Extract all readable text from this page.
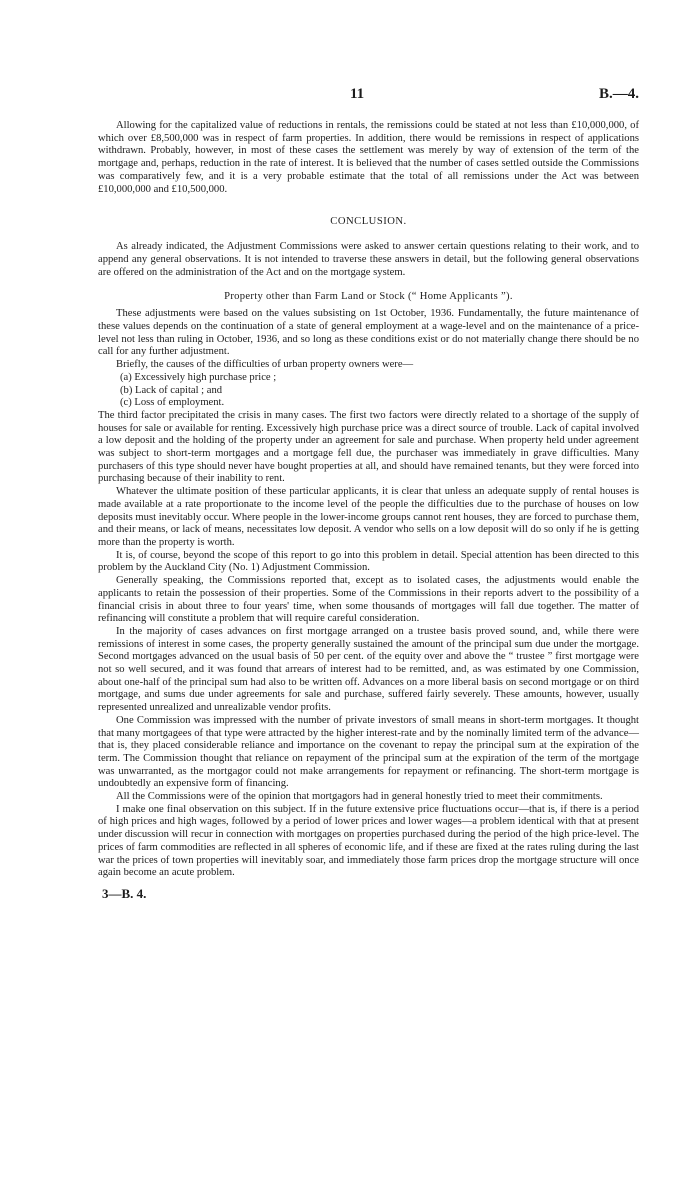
11	B.—4.

Allowing for the capitalized value of reductions in rentals, the remissions could be stated at not less than £10,000,000, of which over £8,500,000 was in respect of farm properties. In addition, there would be remissions in respect of applications withdrawn. Probably, however, in most of these cases the settlement was merely by way of extension of the term of the mortgage and, perhaps, reduction in the rate of interest. It is believed that the number of cases settled outside the Commissions was comparatively few, and it is a very probable estimate that the total of all remissions under the Act was between £10,000,000 and £10,500,000.

CONCLUSION.

As already indicated, the Adjustment Commissions were asked to answer certain questions relating to their work, and to append any general observations. It is not intended to traverse these answers in detail, but the following general observations are offered on the administration of the Act and on the mortgage system.

Property other than Farm Land or Stock (“ Home Applicants ”).

These adjustments were based on the values subsisting on 1st October, 1936. Fundamentally, the future maintenance of these values depends on the continuation of a state of general employment at a wage-level and on the maintenance of a price-level not less than ruling in October, 1936, and so long as these conditions exist or do not materially change there should be no call for any further adjustment.

Briefly, the causes of the difficulties of urban property owners were—

(a) Excessively high purchase price ;
(b) Lack of capital ; and
(c) Loss of employment.

The third factor precipitated the crisis in many cases. The first two factors were directly related to a shortage of the supply of houses for sale or available for renting. Excessively high purchase price was a direct source of trouble. Lack of capital involved a low deposit and the holding of the property under an agreement for sale and purchase. When property held under agreement was subject to short-term mortgages and a mortgage fell due, the purchaser was immediately in grave difficulties. Many purchasers of this type should never have bought properties at all, and should have remained tenants, but they were forced into purchasing because of their inability to rent.

Whatever the ultimate position of these particular applicants, it is clear that unless an adequate supply of rental houses is made available at a rate proportionate to the income level of the people the difficulties due to the purchase of houses on low deposits must inevitably occur. Where people in the lower-income groups cannot rent houses, they are forced to purchase them, and their means, or lack of means, necessitates low deposit. A vendor who sells on a low deposit will do so only if he is getting more than the property is worth.

It is, of course, beyond the scope of this report to go into this problem in detail. Special attention has been directed to this problem by the Auckland City (No. 1) Adjustment Commission.

Generally speaking, the Commissions reported that, except as to isolated cases, the adjustments would enable the applicants to retain the possession of their properties. Some of the Commissions in their reports advert to the possibility of a financial crisis in about three to four years' time, when some thousands of mortgages will fall due together. The matter of refinancing will constitute a problem that will require careful consideration.

In the majority of cases advances on first mortgage arranged on a trustee basis proved sound, and, while there were remissions of interest in some cases, the property generally sustained the amount of the principal sum due under the mortgage. Second mortgages advanced on the usual basis of 50 per cent. of the equity over and above the “ trustee ” first mortgage were not so well secured, and it was found that arrears of interest had to be remitted, and, as was estimated by one Commission, about one-half of the principal sum had also to be written off. Advances on a more liberal basis on second mortgage or on third mortgage, and sums due under agreements for sale and purchase, suffered fairly severely. These amounts, however, usually represented unrealized and unrealizable vendor profits.

One Commission was impressed with the number of private investors of small means in short-term mortgages. It thought that many mortgagees of that type were attracted by the higher interest-rate and by the nominally limited term of the advance—that is, they placed considerable reliance and importance on the covenant to repay the principal sum at the expiration of the term. The Commission thought that reliance on repayment of the principal sum at the expiration of the term of the mortgage was unwarranted, as the mortgagor could not make arrangements for repayment or refinancing. The short-term mortgage is undoubtedly an expensive form of financing.

All the Commissions were of the opinion that mortgagors had in general honestly tried to meet their commitments.

I make one final observation on this subject. If in the future extensive price fluctuations occur—that is, if there is a period of high prices and high wages, followed by a period of lower prices and lower wages—a problem identical with that at present under discussion will recur in connection with mortgages on properties purchased during the period of the high price-level. The prices of farm commodities are reflected in all spheres of economic life, and if these are fixed at the rates ruling during the last war the prices of town properties will inevitably soar, and immediately those farm prices drop the mortgage structure will once again become an acute problem.

3—B. 4.
